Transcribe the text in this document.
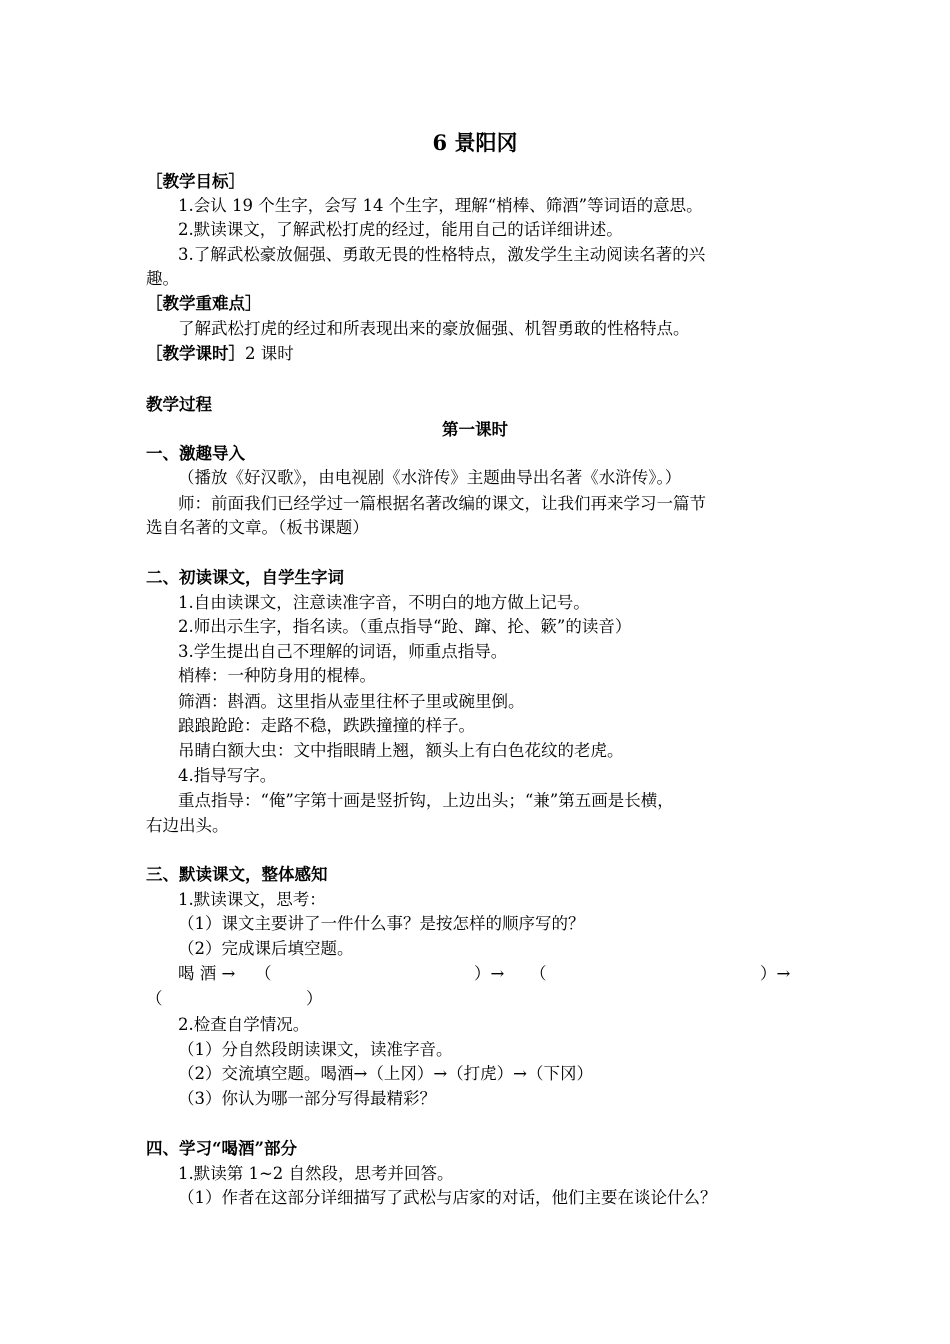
6 景阳冈
［教学目标］
1.会认 19 个生字，会写 14 个生字，理解“梢棒、筛酒”等词语的意思。
2.默读课文，了解武松打虎的经过，能用自己的话详细讲述。
3.了解武松豪放倔强、勇敢无畏的性格特点，激发学生主动阅读名著的兴
趣。
［教学重难点］
了解武松打虎的经过和所表现出来的豪放倔强、机智勇敢的性格特点。
［教学课时］2 课时
教学过程
第一课时
一、激趣导入
（播放《好汉歌》，由电视剧《水浒传》主题曲导出名著《水浒传》。）
师：前面我们已经学过一篇根据名著改编的课文，让我们再来学习一篇节
选自名著的文章。（板书课题）
二、初读课文，自学生字词
1.自由读课文，注意读准字音，不明白的地方做上记号。
2.师出示生字，指名读。（重点指导“跄、蹿、抡、簌”的读音）
3.学生提出自己不理解的词语，师重点指导。
梢棒：一种防身用的棍棒。
筛酒：斟酒。这里指从壶里往杯子里或碗里倒。
踉踉跄跄：走路不稳，跌跌撞撞的样子。
吊睛白额大虫：文中指眼睛上翘，额头上有白色花纹的老虎。
4.指导写字。
重点指导：“俺”字第十画是竖折钩，上边出头；“兼”第五画是长横，
右边出头。
三、默读课文，整体感知
1.默读课文，思考：
（1）课文主要讲了一件什么事？是按怎样的顺序写的？
（2）完成课后填空题。
喝 酒 → （	）→ （	）→
（	）
2.检查自学情况。
（1）分自然段朗读课文，读准字音。
（2）交流填空题。喝酒→（上冈）→（打虎）→（下冈）
（3）你认为哪一部分写得最精彩？
四、学习“喝酒”部分
1.默读第 1~2 自然段，思考并回答。
（1）作者在这部分详细描写了武松与店家的对话，他们主要在谈论什么？
